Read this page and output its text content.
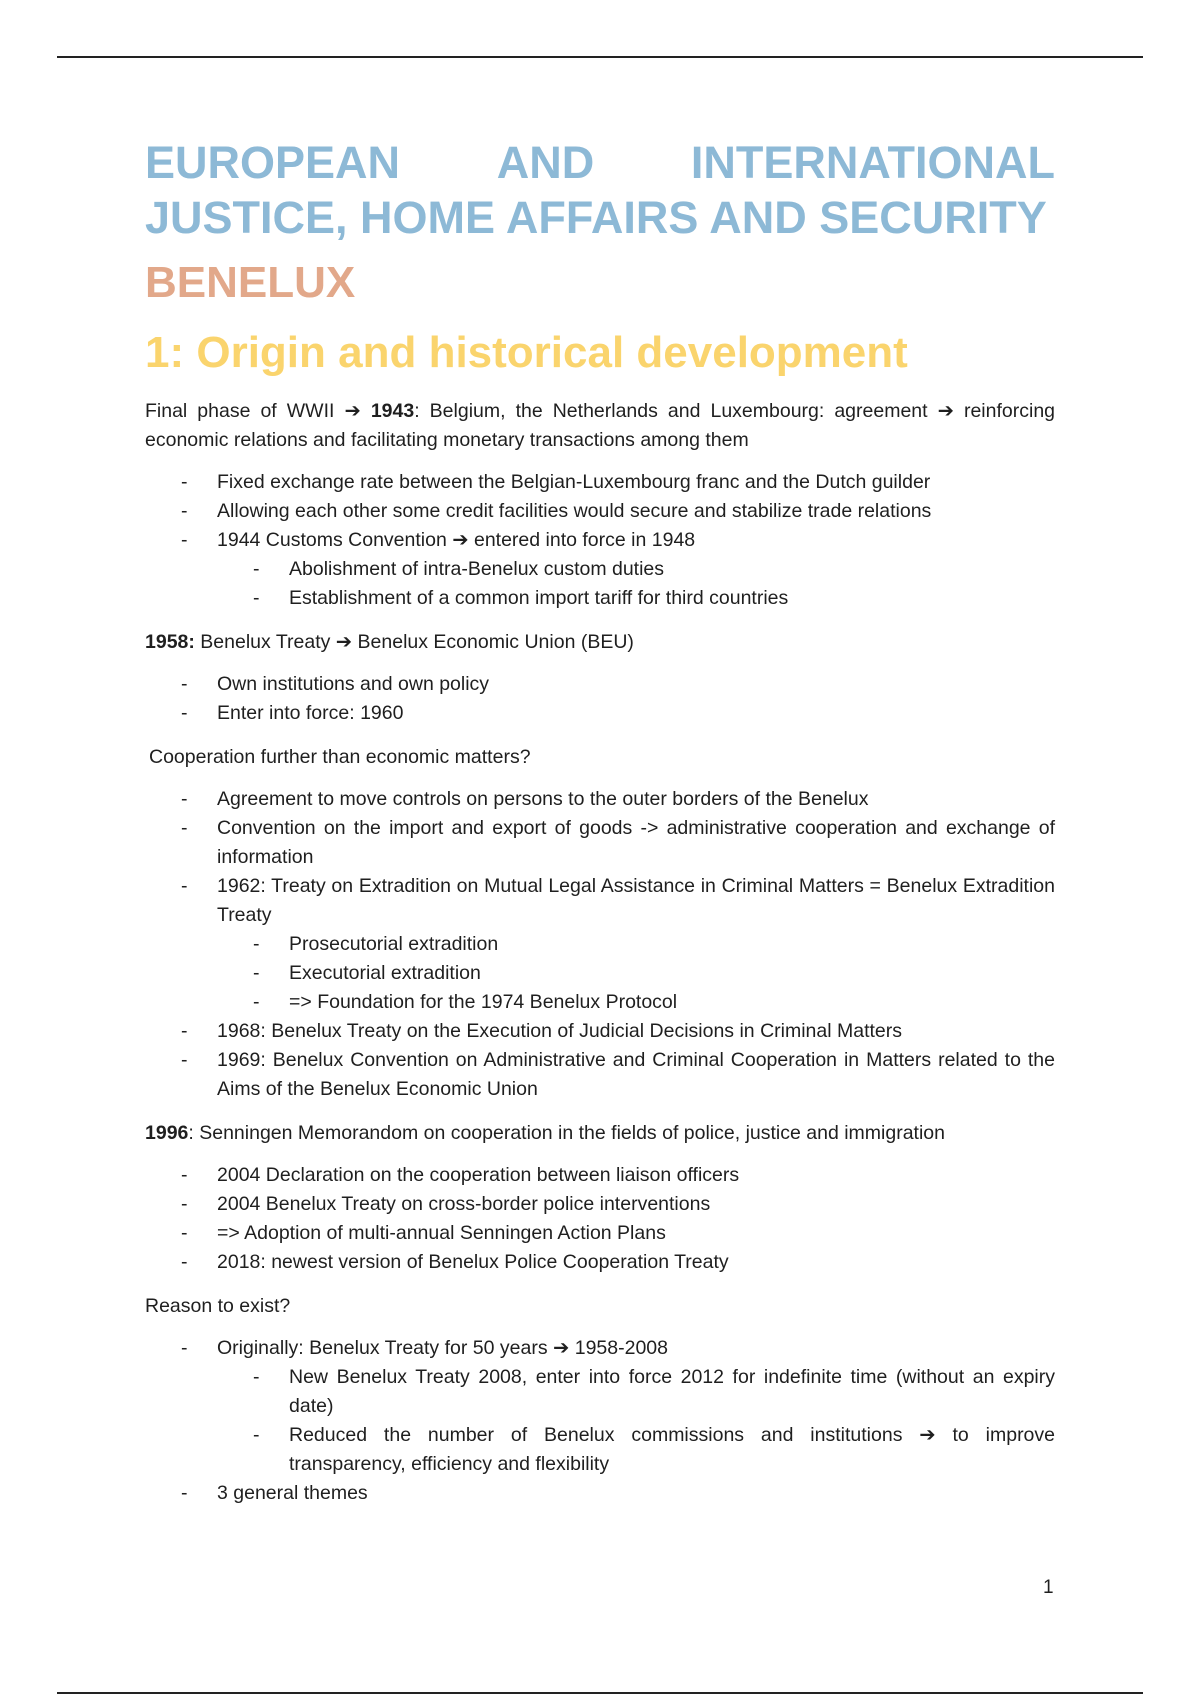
EUROPEAN AND INTERNATIONAL
JUSTICE, HOME AFFAIRS AND SECURITY
BENELUX
1: Origin and historical development

Final phase of WWII ➔ 1943: Belgium, the Netherlands and Luxembourg: agreement ➔ reinforcing economic relations and facilitating monetary transactions among them

- Fixed exchange rate between the Belgian-Luxembourg franc and the Dutch guilder
- Allowing each other some credit facilities would secure and stabilize trade relations
- 1944 Customs Convention ➔ entered into force in 1948
- Abolishment of intra-Benelux custom duties
- Establishment of a common import tariff for third countries

1958: Benelux Treaty ➔ Benelux Economic Union (BEU)

- Own institutions and own policy
- Enter into force: 1960

Cooperation further than economic matters?

- Agreement to move controls on persons to the outer borders of the Benelux
- Convention on the import and export of goods -> administrative cooperation and exchange of information
- 1962: Treaty on Extradition on Mutual Legal Assistance in Criminal Matters = Benelux Extradition Treaty
- Prosecutorial extradition
- Executorial extradition
- => Foundation for the 1974 Benelux Protocol
- 1968: Benelux Treaty on the Execution of Judicial Decisions in Criminal Matters
- 1969: Benelux Convention on Administrative and Criminal Cooperation in Matters related to the Aims of the Benelux Economic Union

1996: Senningen Memorandom on cooperation in the fields of police, justice and immigration

- 2004 Declaration on the cooperation between liaison officers
- 2004 Benelux Treaty on cross-border police interventions
- => Adoption of multi-annual Senningen Action Plans
- 2018: newest version of Benelux Police Cooperation Treaty

Reason to exist?

- Originally: Benelux Treaty for 50 years ➔ 1958-2008
- New Benelux Treaty 2008, enter into force 2012 for indefinite time (without an expiry date)
- Reduced the number of Benelux commissions and institutions ➔ to improve transparency, efficiency and flexibility
- 3 general themes
1
